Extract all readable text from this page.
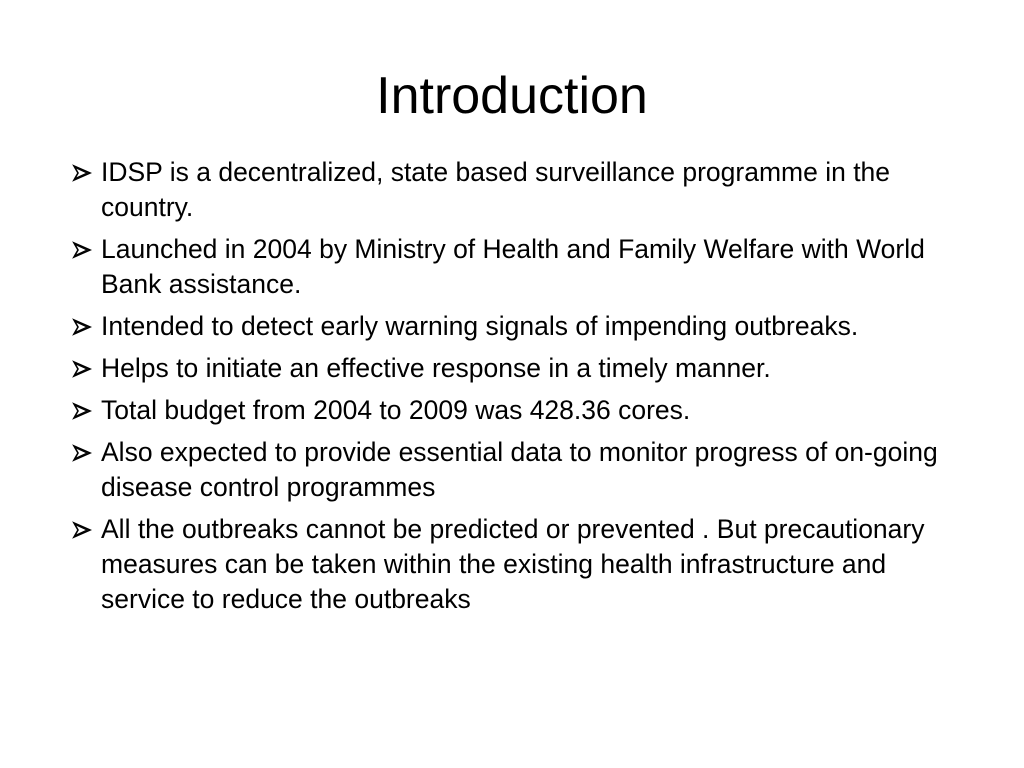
Introduction
IDSP is a decentralized, state based surveillance programme in the country.
Launched in 2004 by Ministry of Health and Family Welfare with World Bank assistance.
Intended to detect early warning signals of impending outbreaks.
Helps to initiate an effective response in a timely manner.
Total budget from 2004 to 2009 was 428.36 cores.
Also expected to provide essential data to monitor progress of on-going disease control programmes
All the outbreaks cannot be predicted or prevented . But precautionary measures can be taken within the existing health infrastructure and service to reduce the outbreaks
